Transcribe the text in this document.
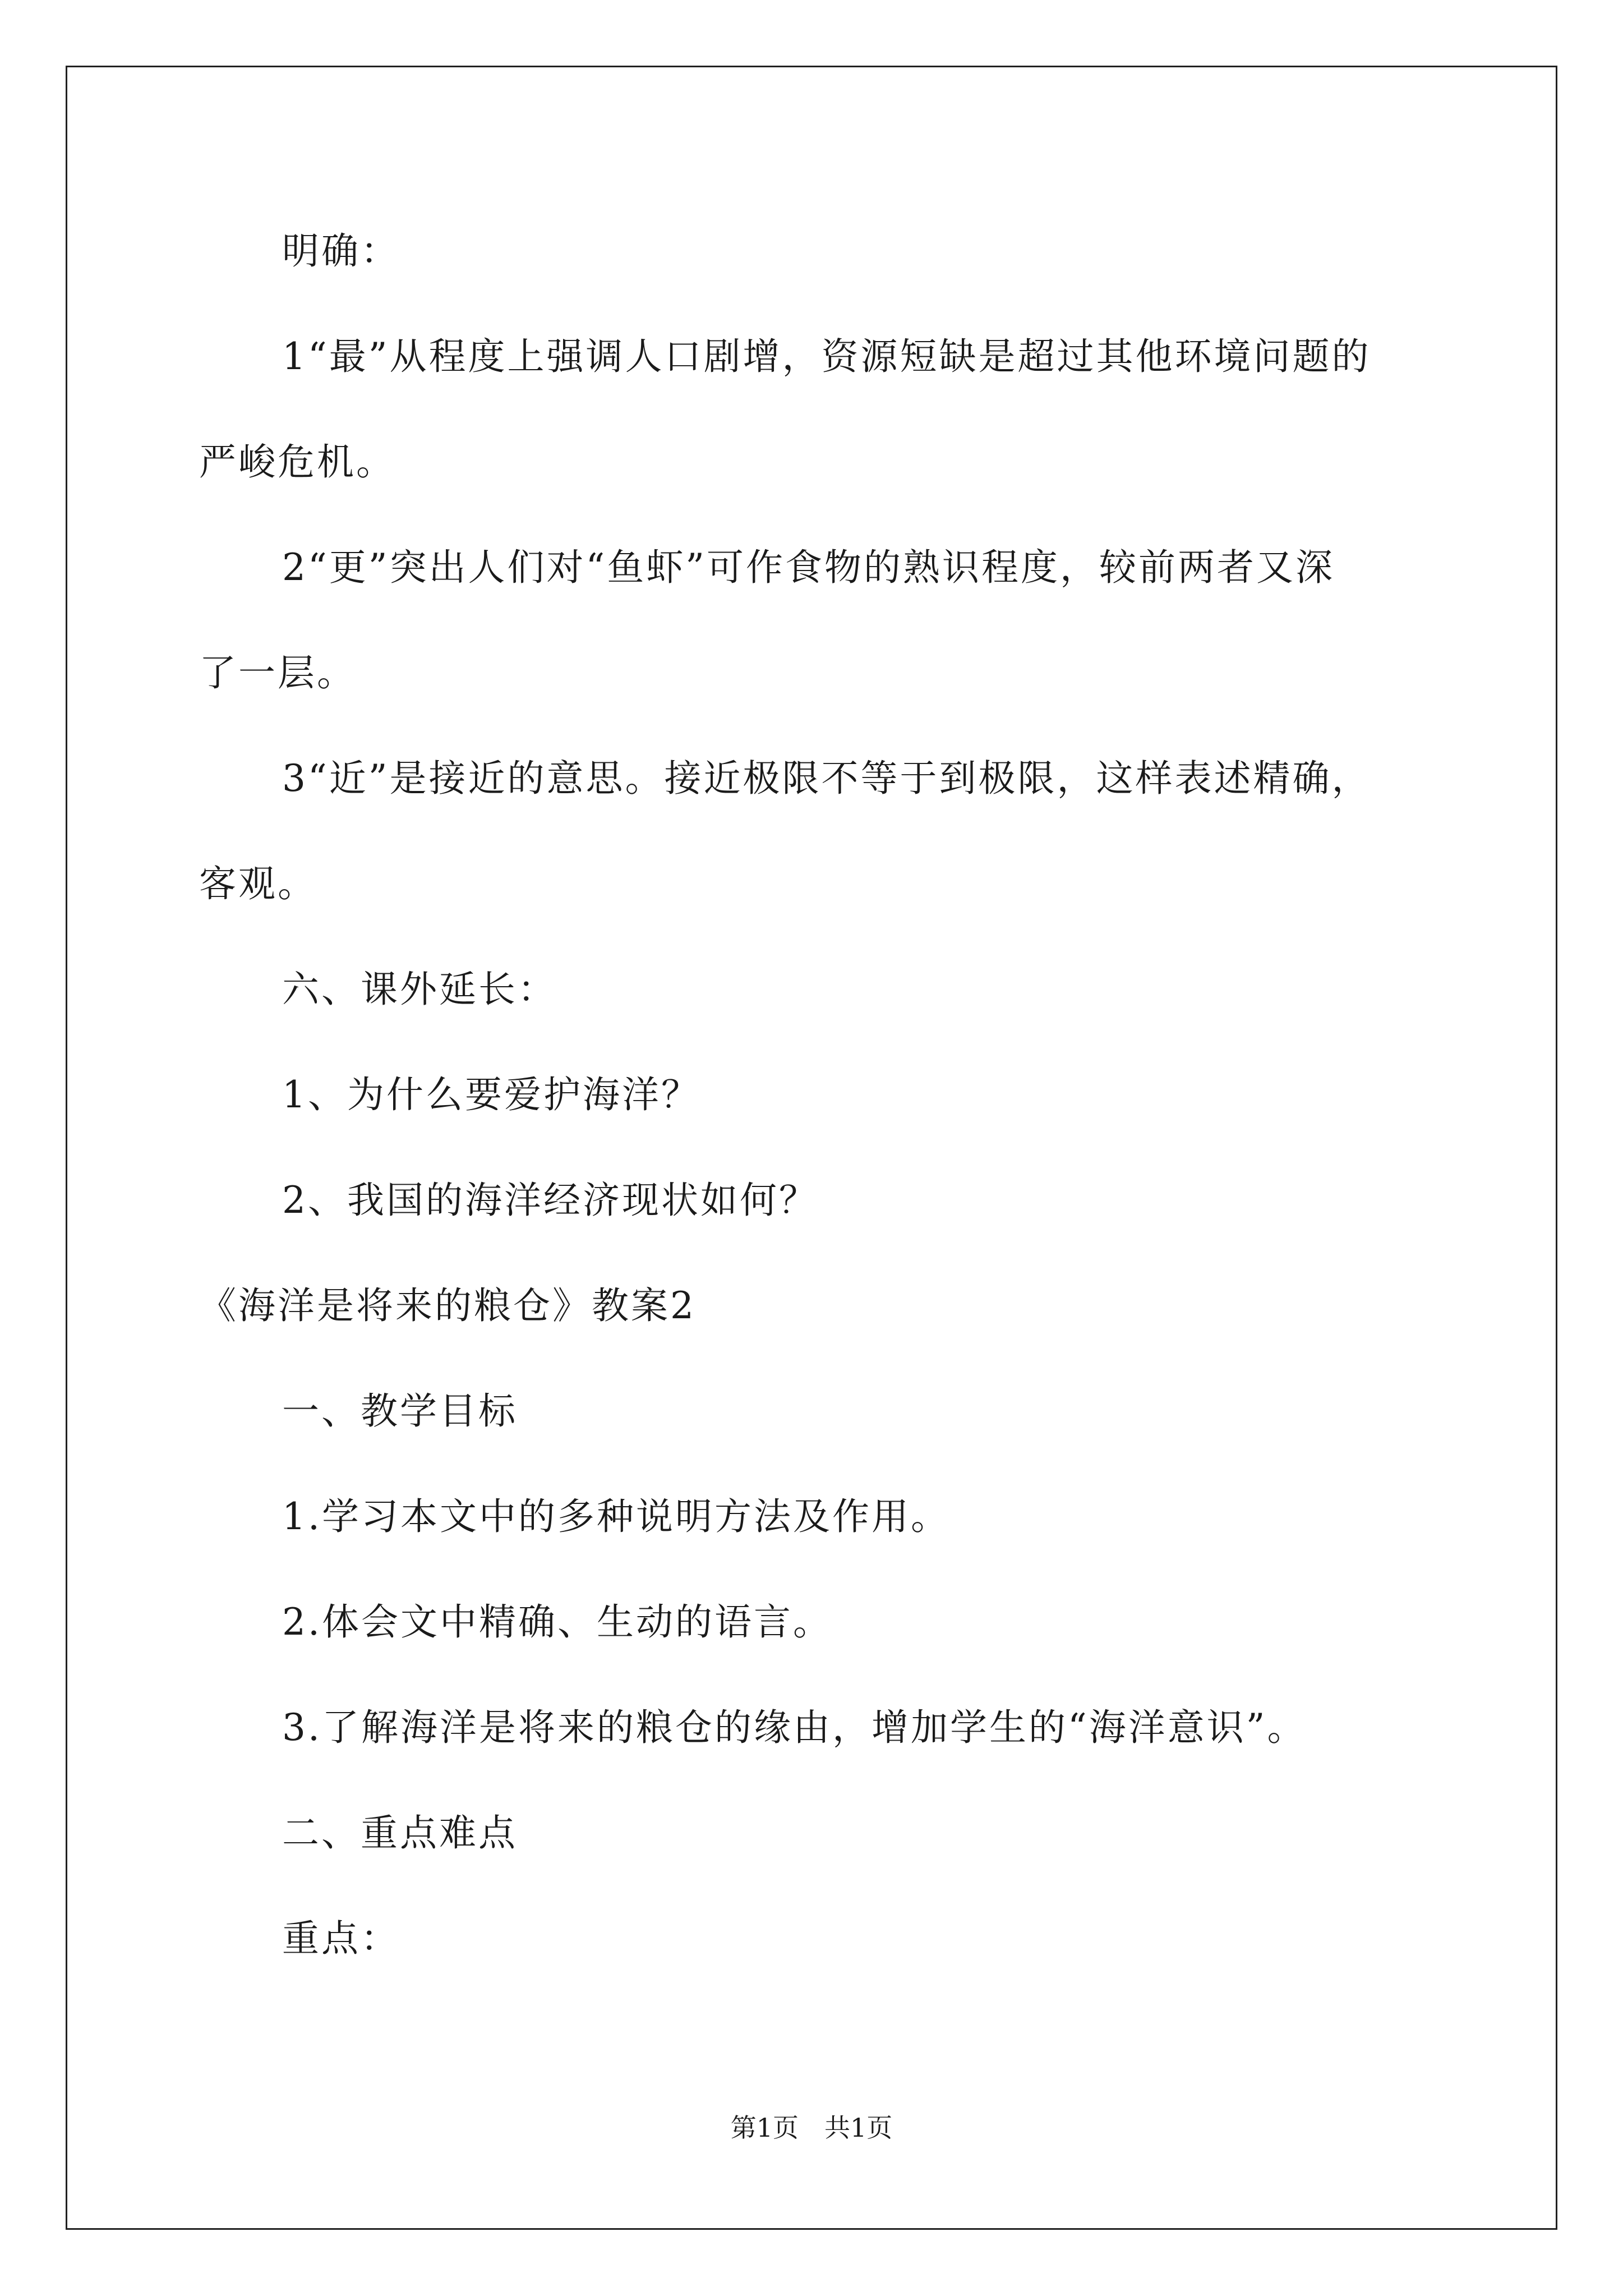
明确：
1“最”从程度上强调人口剧增，资源短缺是超过其他环境问题的
严峻危机。
2“更”突出人们对“鱼虾”可作食物的熟识程度，较前两者又深
了一层。
3“近”是接近的意思。接近极限不等于到极限，这样表述精确，
客观。
六、课外延长：
1、为什么要爱护海洋？
2、我国的海洋经济现状如何？
《海洋是将来的粮仓》教案2
一、教学目标
1.学习本文中的多种说明方法及作用。
2.体会文中精确、生动的语言。
3.了解海洋是将来的粮仓的缘由，增加学生的“海洋意识”。
二、重点难点
重点：
第1页　共1页
